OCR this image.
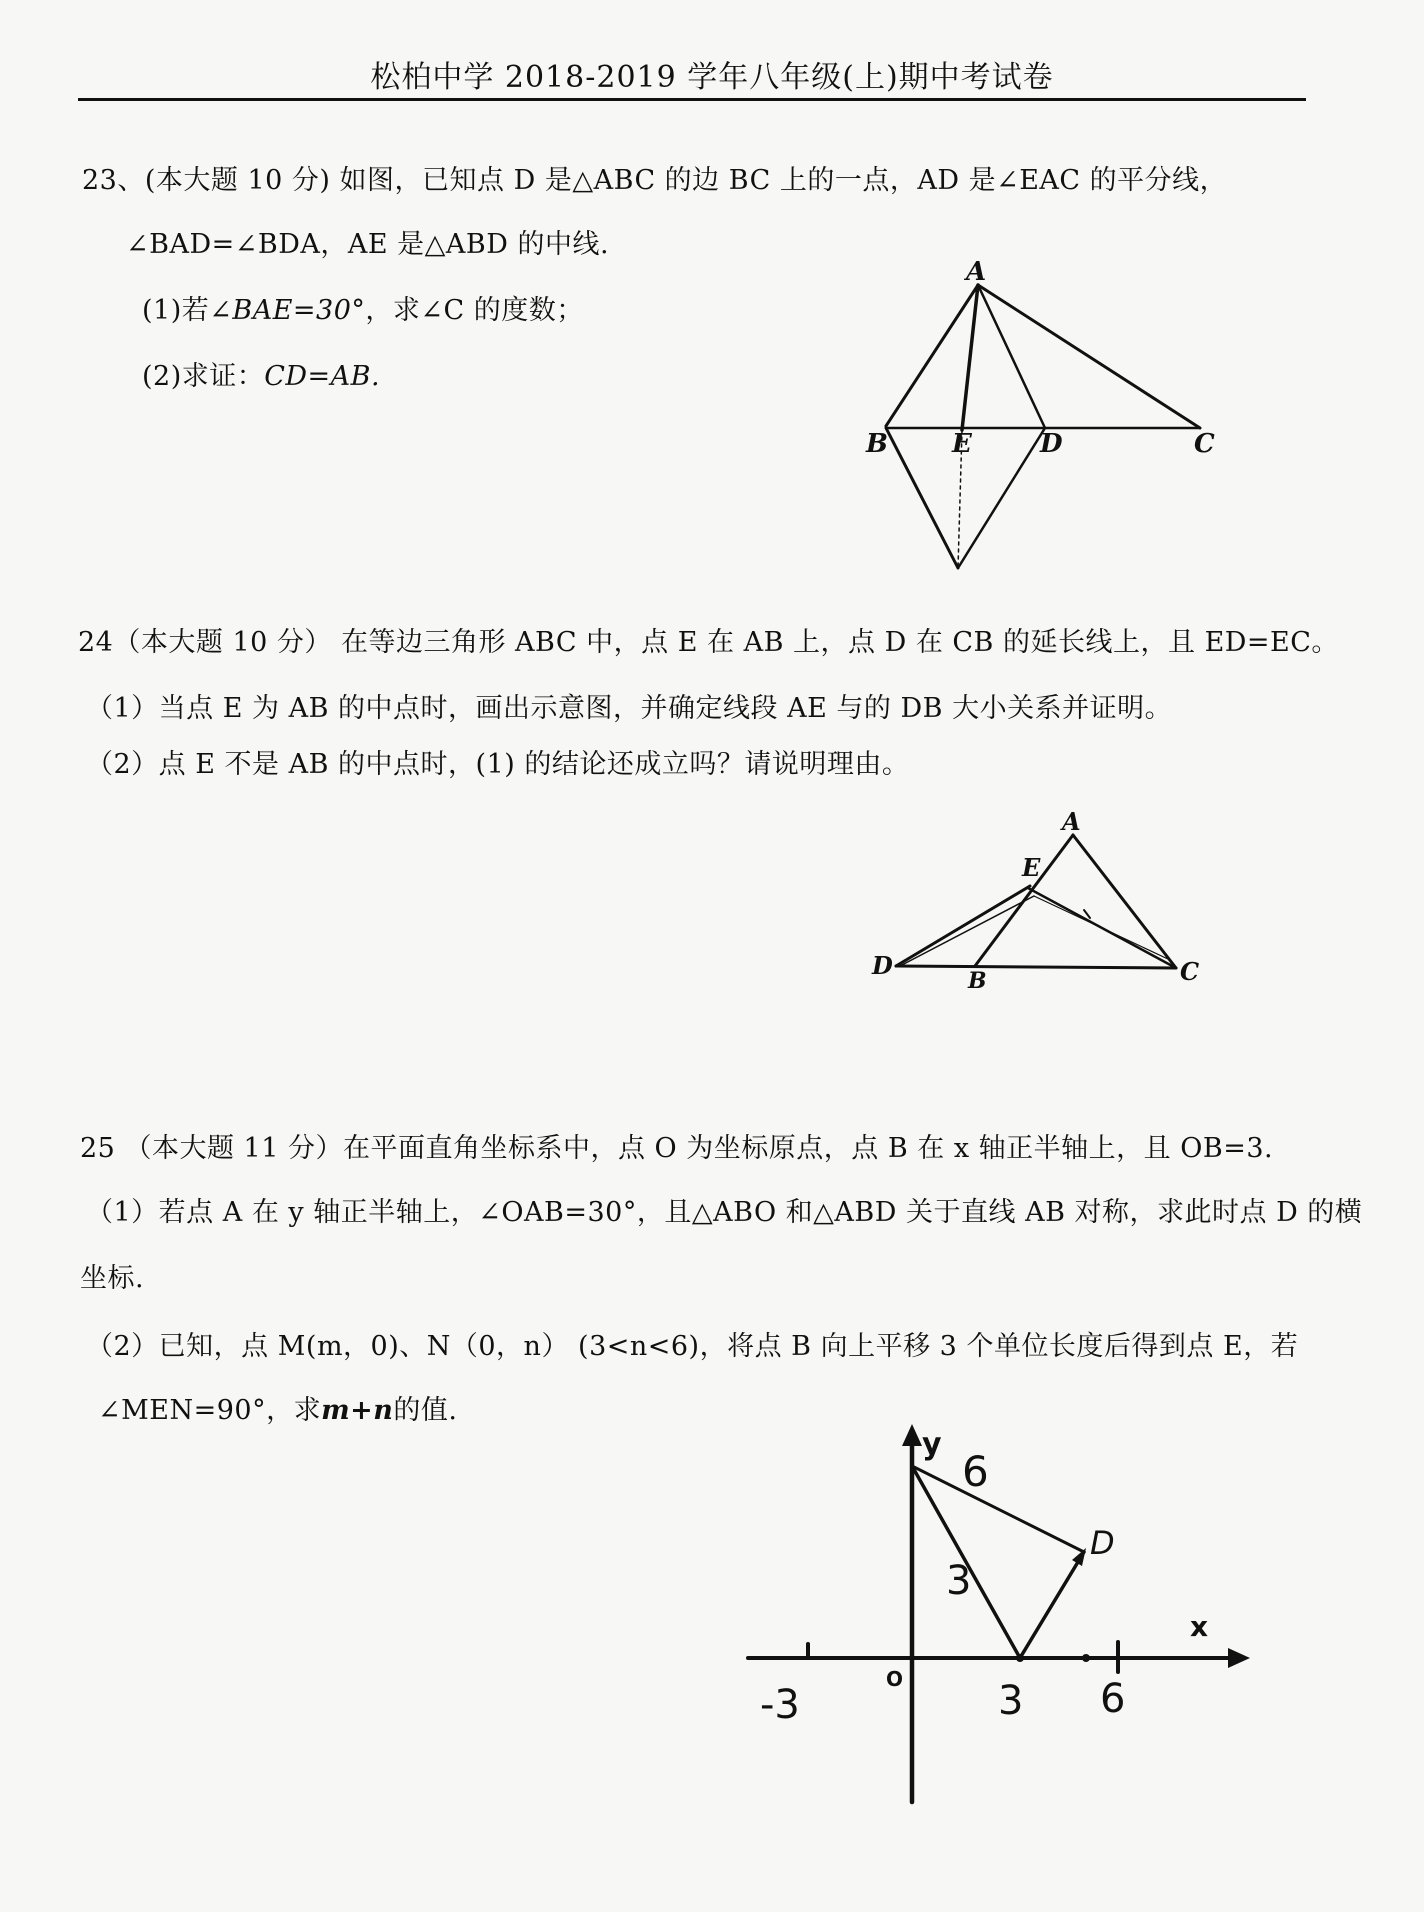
松柏中学 2018-2019 学年八年级(上)期中考试卷
23、(本大题 10 分) 如图，已知点 D 是△ABC 的边 BC 上的一点，AD 是∠EAC 的平分线，
∠BAD=∠BDA，AE 是△ABD 的中线.
(1)若∠BAE=30°，求∠C 的度数；
(2)求证：CD=AB.
24（本大题 10 分） 在等边三角形 ABC 中，点 E 在 AB 上，点 D 在 CB 的延长线上，且 ED=EC。
（1）当点 E 为 AB 的中点时，画出示意图，并确定线段 AE 与的 DB 大小关系并证明。
（2）点 E 不是 AB 的中点时，(1) 的结论还成立吗？请说明理由。
25 （本大题 11 分）在平面直角坐标系中，点 O 为坐标原点，点 B 在 x 轴正半轴上，且 OB=3.
（1）若点 A 在 y 轴正半轴上，∠OAB=30°，且△ABO 和△ABD 关于直线 AB 对称，求此时点 D 的横
坐标.
（2）已知，点 M(m，0)、N（0，n） (3<n<6)，将点 B 向上平移 3 个单位长度后得到点 E，若
∠MEN=90°，求m+n的值.
A
B E	D	C
A
E
D
B	C
y
x
6
D
3
O
-3	3 6
